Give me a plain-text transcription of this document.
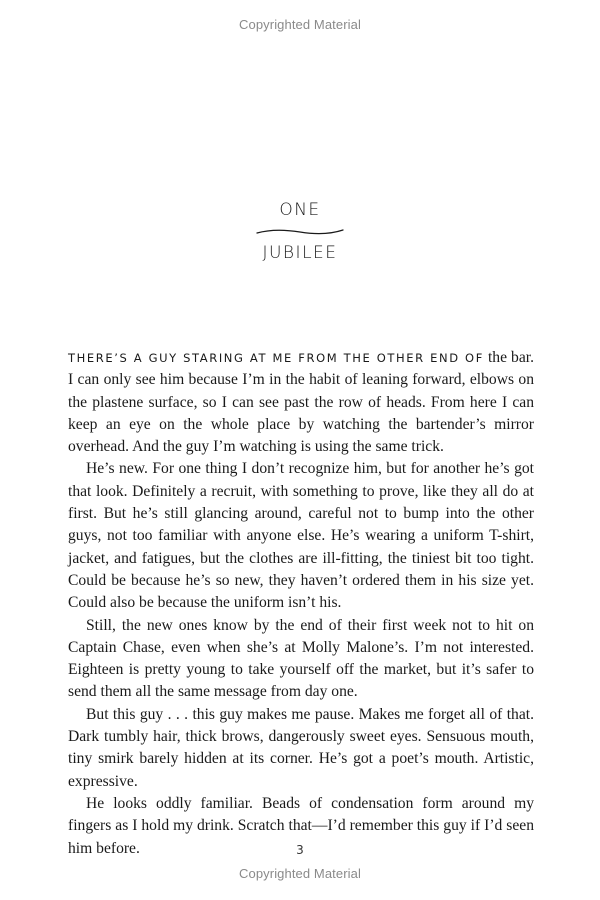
Copyrighted Material
ONE
JUBILEE

THERE’S A GUY STARING AT ME FROM THE OTHER END OF the bar. I can only see him because I’m in the habit of leaning forward, elbows on the plastene surface, so I can see past the row of heads. From here I can keep an eye on the whole place by watching the bartender’s mirror overhead. And the guy I’m watching is using the same trick.

He’s new. For one thing I don’t recognize him, but for another he’s got that look. Definitely a recruit, with something to prove, like they all do at first. But he’s still glancing around, careful not to bump into the other guys, not too familiar with anyone else. He’s wearing a uniform T-shirt, jacket, and fatigues, but the clothes are ill-fitting, the tiniest bit too tight. Could be because he’s so new, they haven’t ordered them in his size yet. Could also be because the uniform isn’t his.

Still, the new ones know by the end of their first week not to hit on Captain Chase, even when she’s at Molly Malone’s. I’m not interested. Eighteen is pretty young to take yourself off the market, but it’s safer to send them all the same message from day one.

But this guy . . . this guy makes me pause. Makes me forget all of that. Dark tumbly hair, thick brows, dangerously sweet eyes. Sensuous mouth, tiny smirk barely hidden at its corner. He’s got a poet’s mouth. Artistic, expressive.

He looks oddly familiar. Beads of condensation form around my fingers as I hold my drink. Scratch that—I’d remember this guy if I’d seen him before.	3
Copyrighted Material
